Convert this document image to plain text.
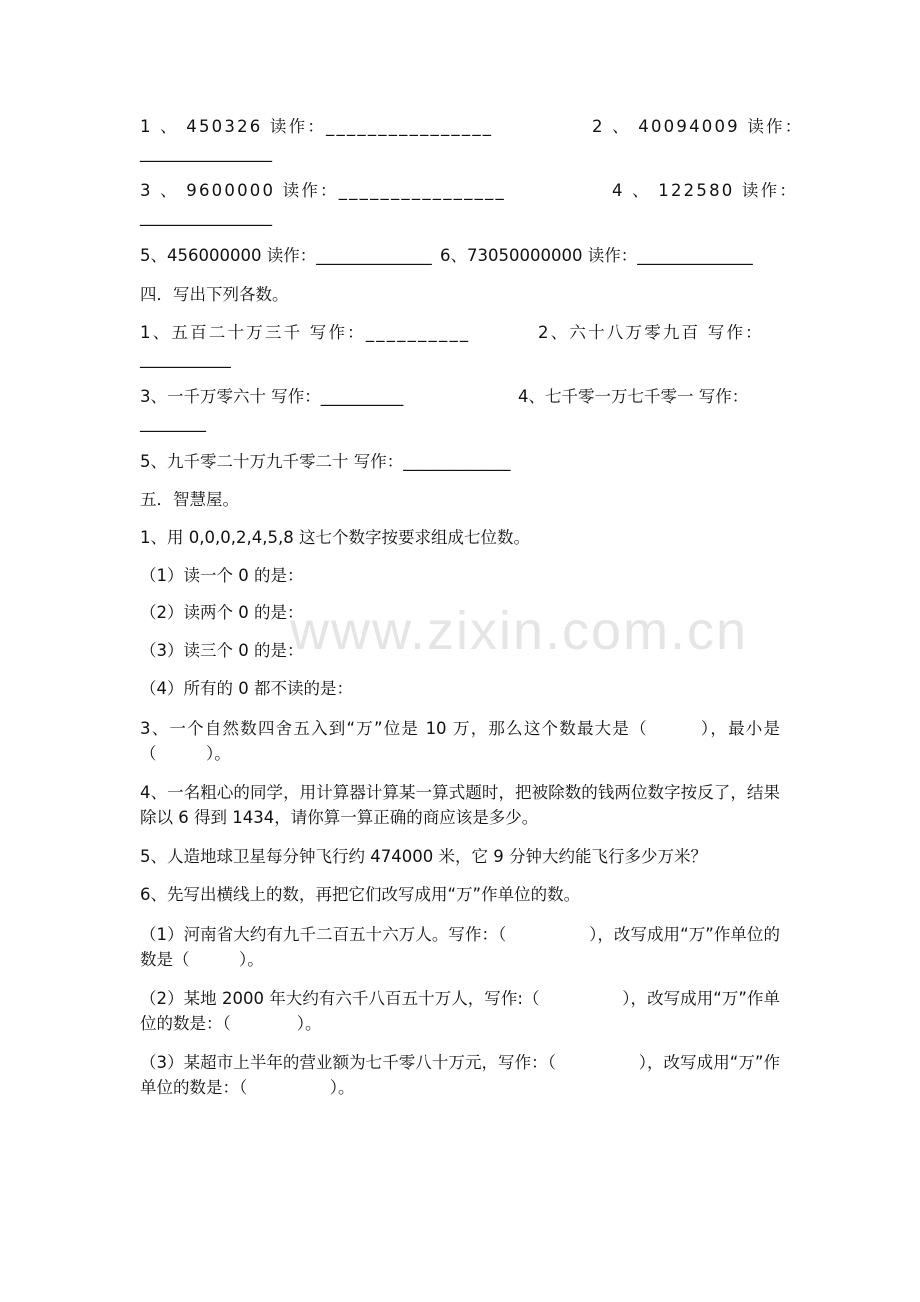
www.zixin.com.cn
1 、 450326 读作：________________	2 、 40094009 读作：
________________
3 、 9600000 读作：________________	4 、 122580 读作：
________________
5、456000000 读作：______________ 6、73050000000 读作：______________
四．写出下列各数。
1、五百二十万三千 写作：__________	2、六十八万零九百 写作：
___________
3、一千万零六十 写作：__________	4、七千零一万七千零一 写作：
________
5、九千零二十万九千零二十 写作：_____________
五．智慧屋。
1、用 0,0,0,2,4,5,8 这七个数字按要求组成七位数。
（1）读一个 0 的是：
（2）读两个 0 的是：
（3）读三个 0 的是：
（4）所有的 0 都不读的是：
3、一个自然数四舍五入到“万”位是 10 万，那么这个数最大是（　　　），最小是（　　　）。
4、一名粗心的同学，用计算器计算某一算式题时，把被除数的钱两位数字按反了，结果除以 6 得到 1434，请你算一算正确的商应该是多少。
5、人造地球卫星每分钟飞行约 474000 米，它 9 分钟大约能飞行多少万米？
6、先写出横线上的数，再把它们改写成用“万”作单位的数。
（1）河南省大约有九千二百五十六万人。写作：（　　　　　），改写成用“万”作单位的数是（　　　）。
（2）某地 2000 年大约有六千八百五十万人，写作:（　　　　　），改写成用“万”作单位的数是：（　　　　）。
（3）某超市上半年的营业额为七千零八十万元，写作：（　　　　　），改写成用“万”作单位的数是：（　　　　　）。
